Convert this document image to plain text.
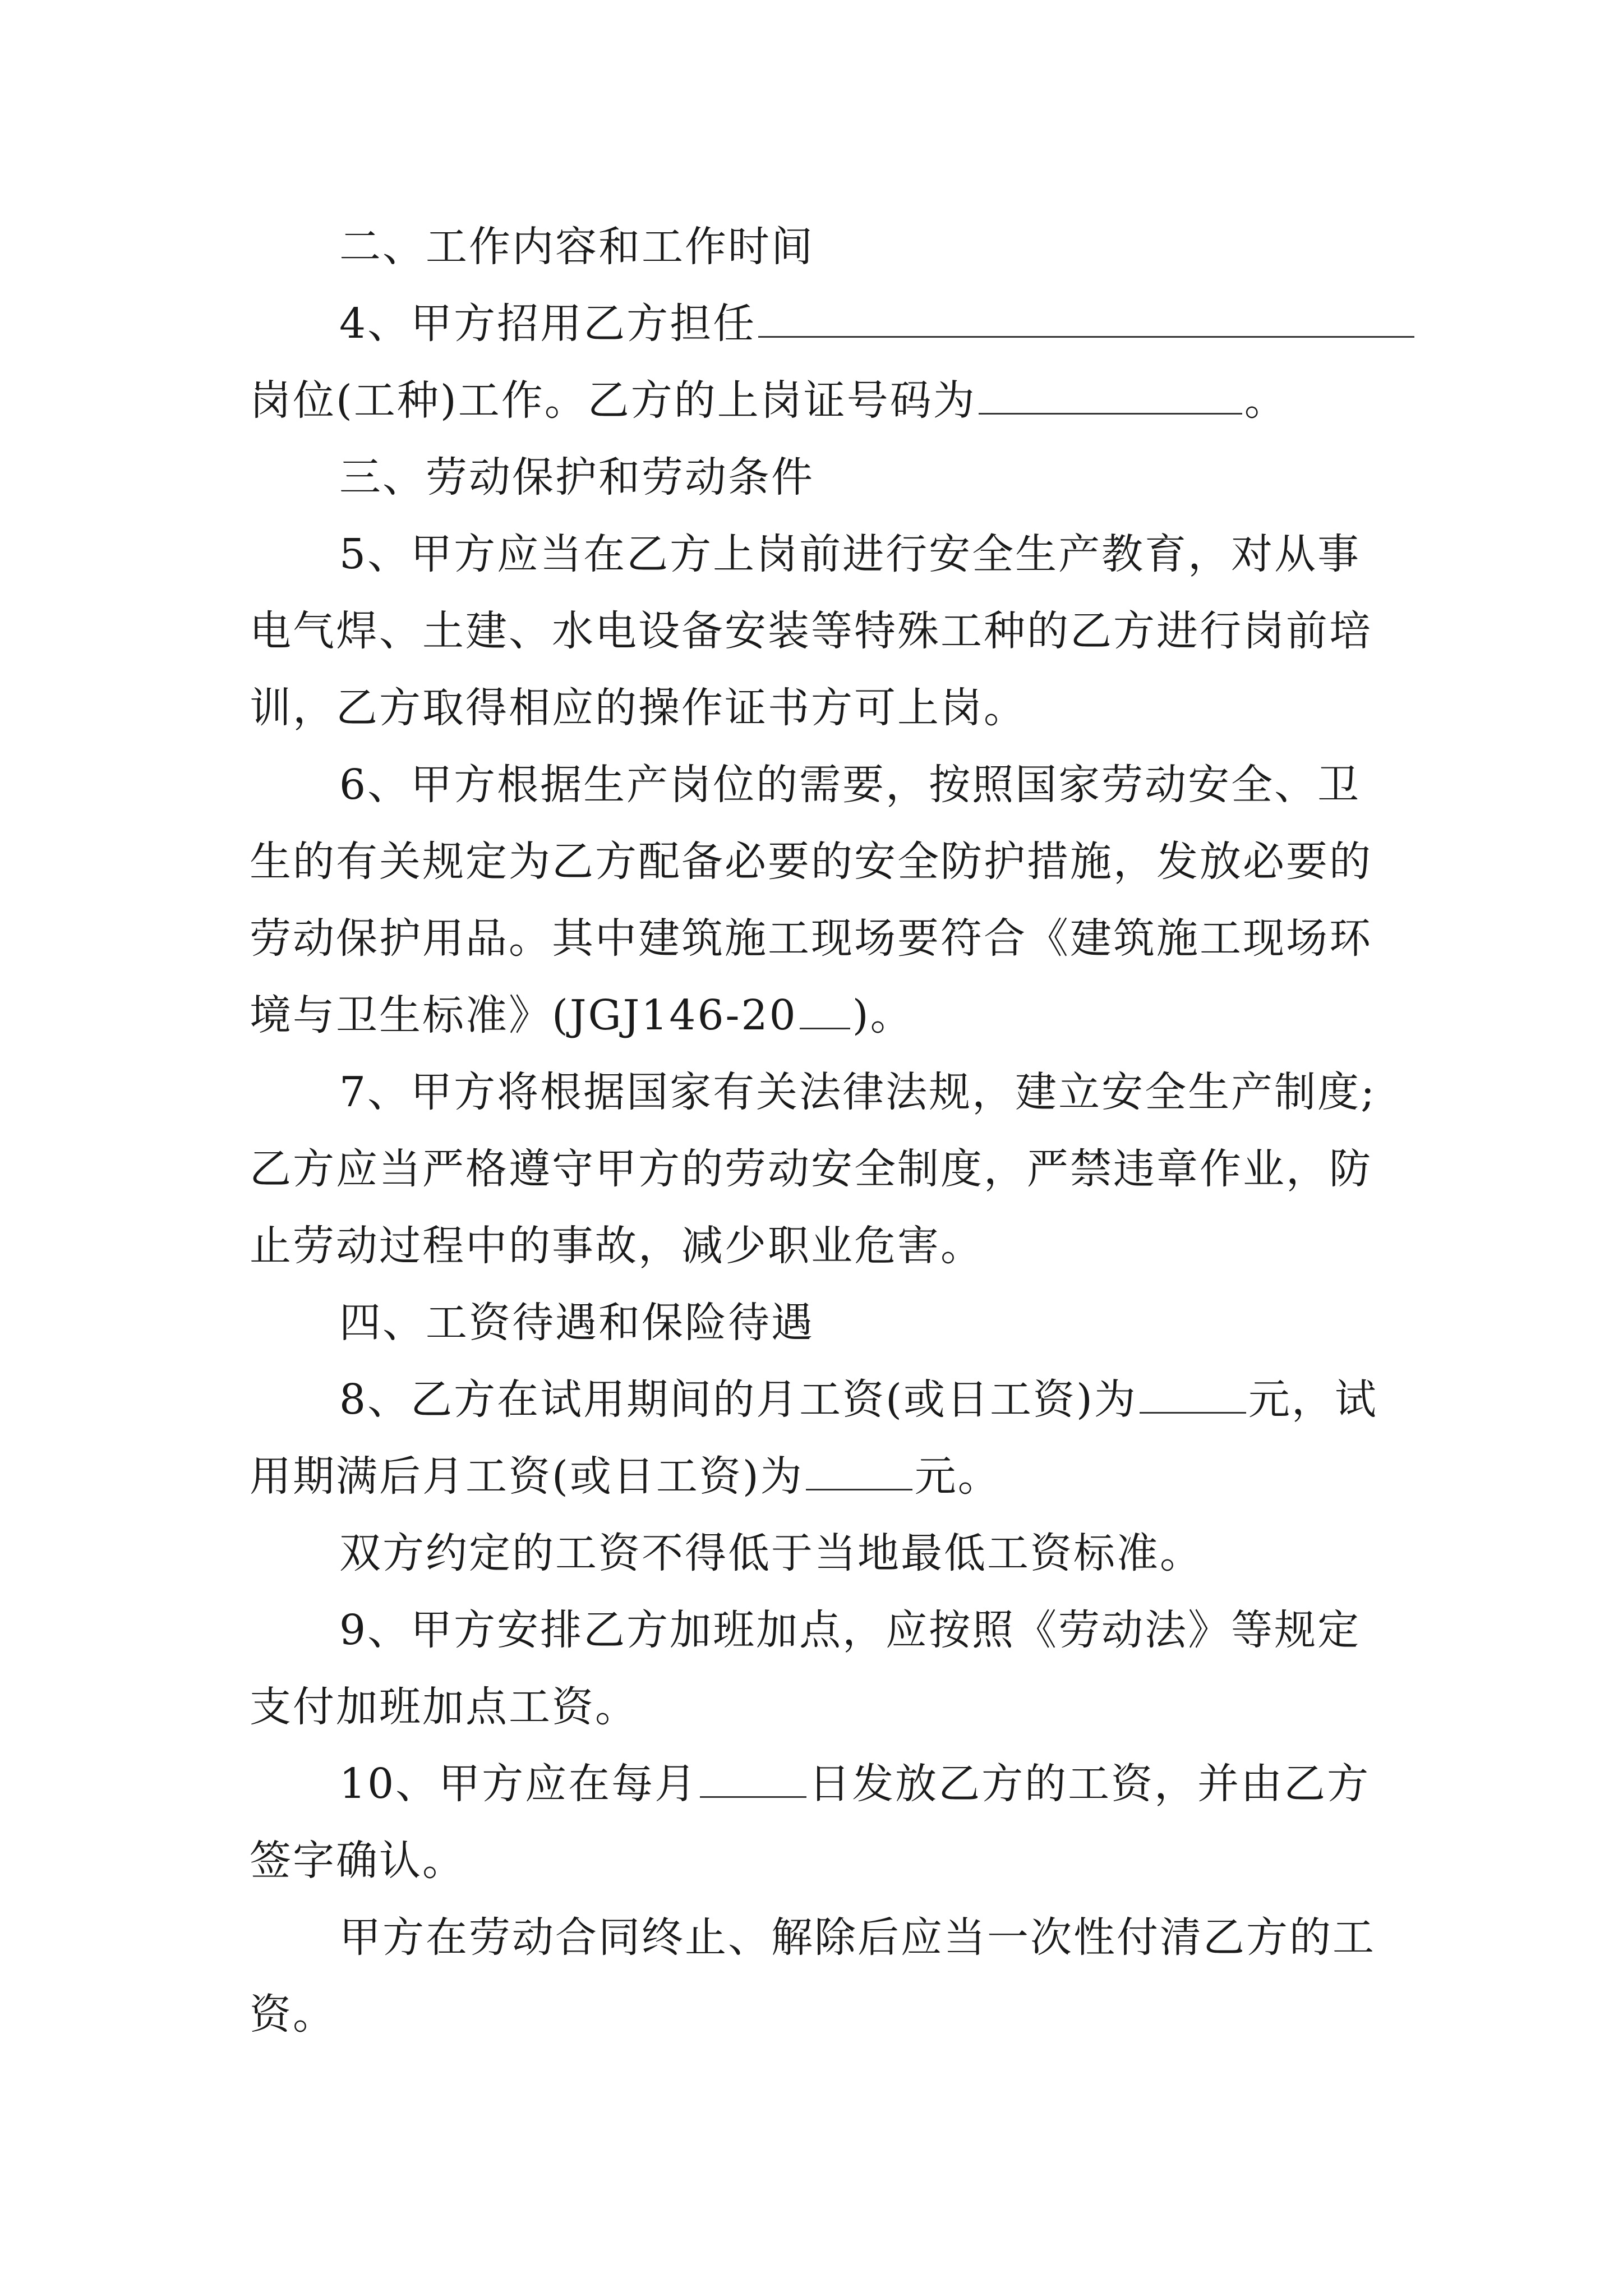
二、工作内容和工作时间
4、甲方招用乙方担任
岗位(工种)工作。乙方的上岗证号码为	。
三、劳动保护和劳动条件
5、甲方应当在乙方上岗前进行安全生产教育，对从事
电气焊、土建、水电设备安装等特殊工种的乙方进行岗前培
训，乙方取得相应的操作证书方可上岗。
6、甲方根据生产岗位的需要，按照国家劳动安全、卫
生的有关规定为乙方配备必要的安全防护措施，发放必要的
劳动保护用品。其中建筑施工现场要符合《建筑施工现场环
境与卫生标准》(JGJ146-20 )。
7、甲方将根据国家有关法律法规，建立安全生产制度;
乙方应当严格遵守甲方的劳动安全制度，严禁违章作业，防
止劳动过程中的事故，减少职业危害。
四、工资待遇和保险待遇
8、乙方在试用期间的月工资(或日工资)为	元，试
用期满后月工资(或日工资)为	元。
双方约定的工资不得低于当地最低工资标准。
9、甲方安排乙方加班加点，应按照《劳动法》等规定
支付加班加点工资。
10、甲方应在每月	日发放乙方的工资，并由乙方
签字确认。
甲方在劳动合同终止、解除后应当一次性付清乙方的工
资。
